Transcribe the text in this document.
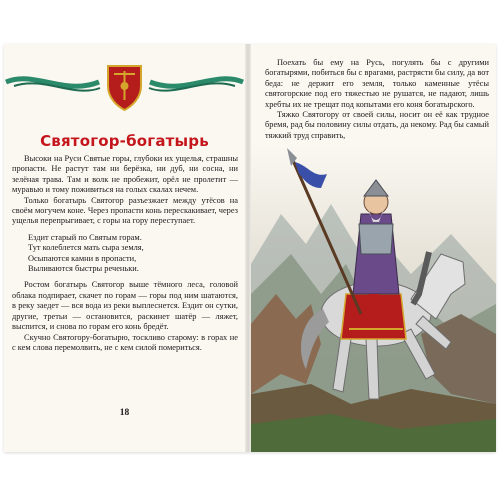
Святогор-богатырь

Высоки на Руси Святые горы, глубоки их ущелья, страшны пропасти. Не растут там ни берёзка, ни дуб, ни сосна, ни зелёная трава. Там и волк не пробежит, орёл не пролетит — муравью и тому поживиться на голых скалах нечем.

Только богатырь Святогор разъезжает между утёсов на своём могучем коне. Через пропасти конь перескакивает, через ущелья перепрыгивает, с горы на гору переступает.

Ездит старый по Святым горам.
Тут колеблется мать сыра земля,
Осыпаются камни в пропасти,
Выливаются быстры реченьки.

Ростом богатырь Святогор выше тёмного леса, головой облака подпирает, скачет по горам — горы под ним шатаются, в реку заедет — вся вода из реки выплеснется. Ездит он сутки, другие, третьи — остановится, раскинет шатёр — ляжет, выспится, и снова по горам его конь бредёт.

Скучно Святогору-богатырю, тоскливо старому: в горах не с кем слова перемолвить, не с кем силой помериться.

18

Поехать бы ему на Русь, погулять бы с другими богатырями, побиться бы с врагами, растрясти бы силу, да вот беда: не держит его земля, только каменные утёсы святогорские под его тяжестью не рушатся, не падают, лишь хребты их не трещат под копытами его коня богатырского.

Тяжко Святогору от своей силы, носит он её как трудное бремя, рад бы половину силы отдать, да некому. Рад бы самый тяжкий труд справить,
